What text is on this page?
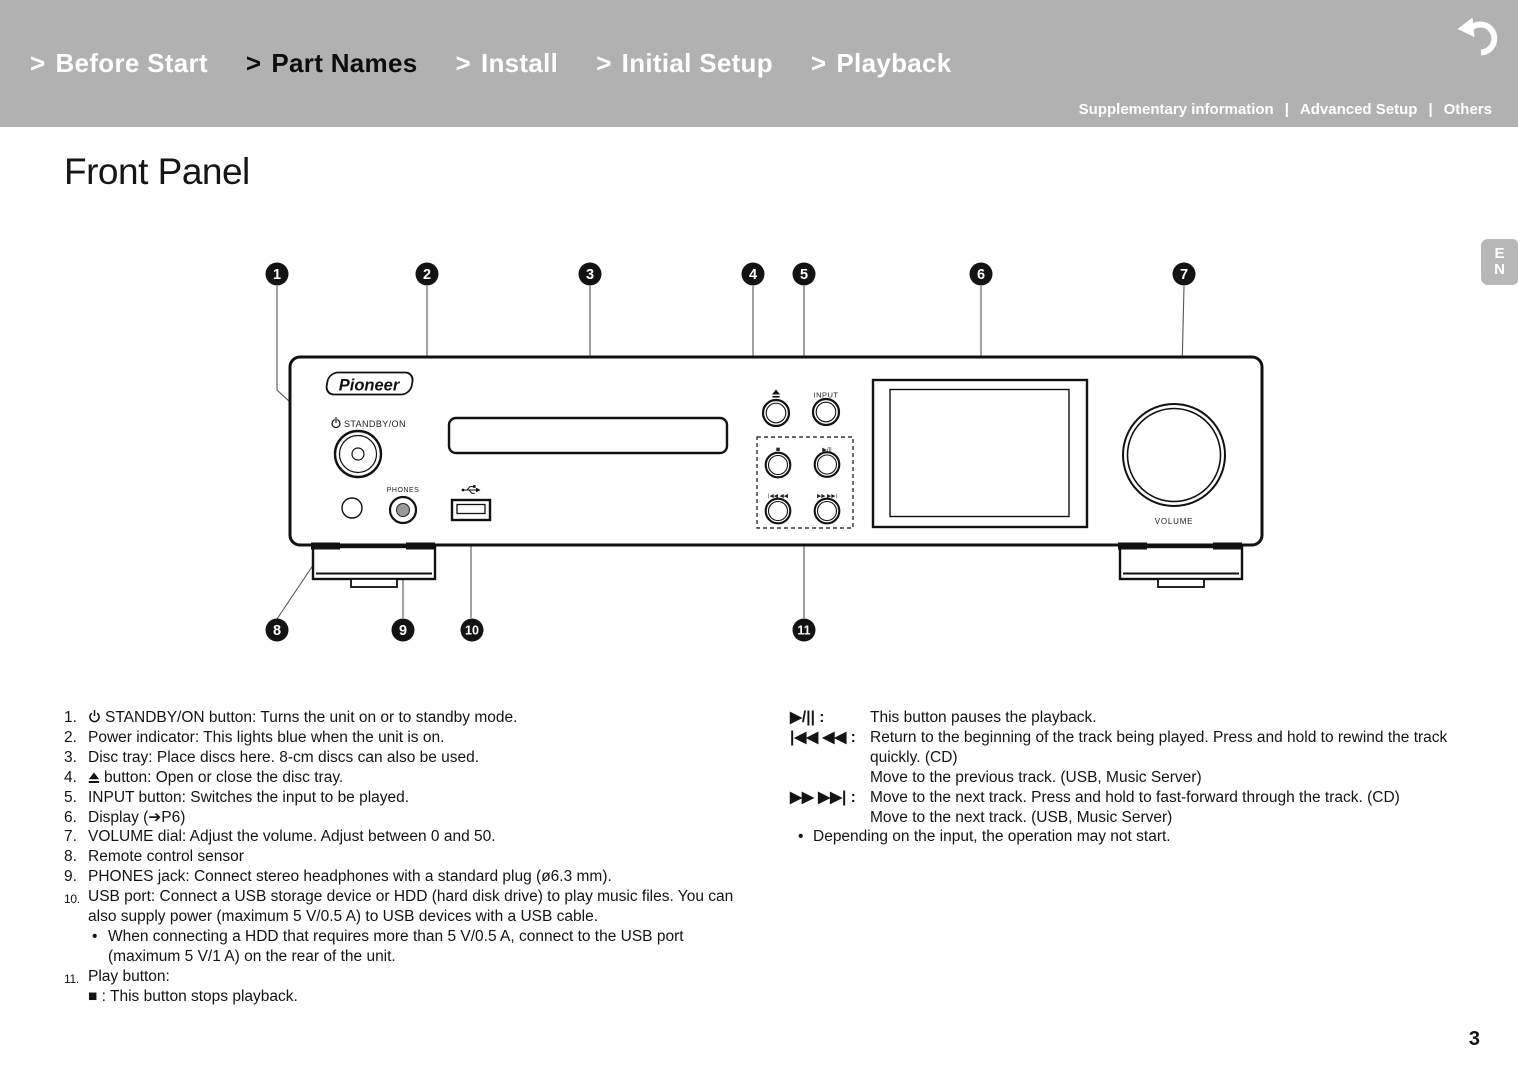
> Before Start > Part Names > Install > Initial Setup > Playback
Supplementary information | Advanced Setup | Others
Front Panel
E
N
3
Pioneer
STANDBY/ON
PHONES
INPUT
■	▶/||
|◀◀ ◀◀	▶▶ ▶▶|
VOLUME
1	2	3	4	5	6	7
8	9	10	11
1.	STANDBY/ON button: Turns the unit on or to standby mode.
2. Power indicator: This lights blue when the unit is on.
3. Disc tray: Place discs here. 8-cm discs can also be used.
4.	button: Open or close the disc tray.
5. INPUT button: Switches the input to be played.
6. Display (➔P6)
7. VOLUME dial: Adjust the volume. Adjust between 0 and 50.
8. Remote control sensor
9. PHONES jack: Connect stereo headphones with a standard plug (ø6.3 mm).
10. USB port: Connect a USB storage device or HDD (hard disk drive) to play music files. You can also supply power (maximum 5 V/0.5 A) to USB devices with a USB cable.
• When connecting a HDD that requires more than 5 V/0.5 A, connect to the USB port (maximum 5 V/1 A) on the rear of the unit.
11. Play button:
■ : This button stops playback.
▶/|| :	This button pauses the playback.
|◀◀ ◀◀ : Return to the beginning of the track being played. Press and hold to rewind the track quickly. (CD)
Move to the previous track. (USB, Music Server)
▶▶ ▶▶| : Move to the next track. Press and hold to fast-forward through the track. (CD)
Move to the next track. (USB, Music Server)
• Depending on the input, the operation may not start.
